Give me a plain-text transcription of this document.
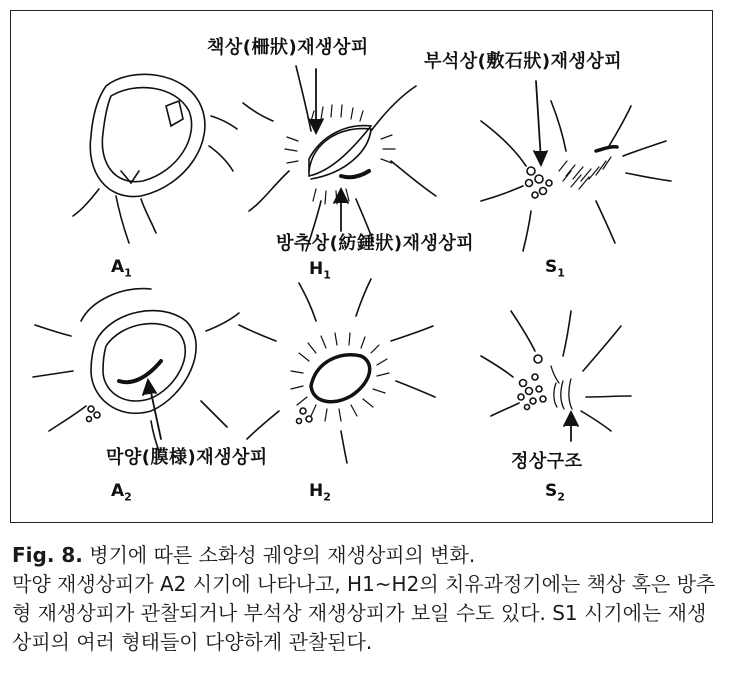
책상(柵狀)재생상피
부석상(敷石狀)재생상피
방추상(紡錘狀)재생상피
막양(膜様)재생상피	정상구조
$A_1$	$H_1$	$S_1$
$A_2$	$H_2$	$S_2$

Fig. 8. 병기에 따른 소화성 궤양의 재생상피의 변화.

막양 재생상피가 A2 시기에 나타나고, H1~H2의 치유과정기에는 책상 혹은 방추형 재생상피가 관찰되거나 부석상 재생상피가 보일 수도 있다. S1 시기에는 재생상피의 여러 형태들이 다양하게 관찰된다.
